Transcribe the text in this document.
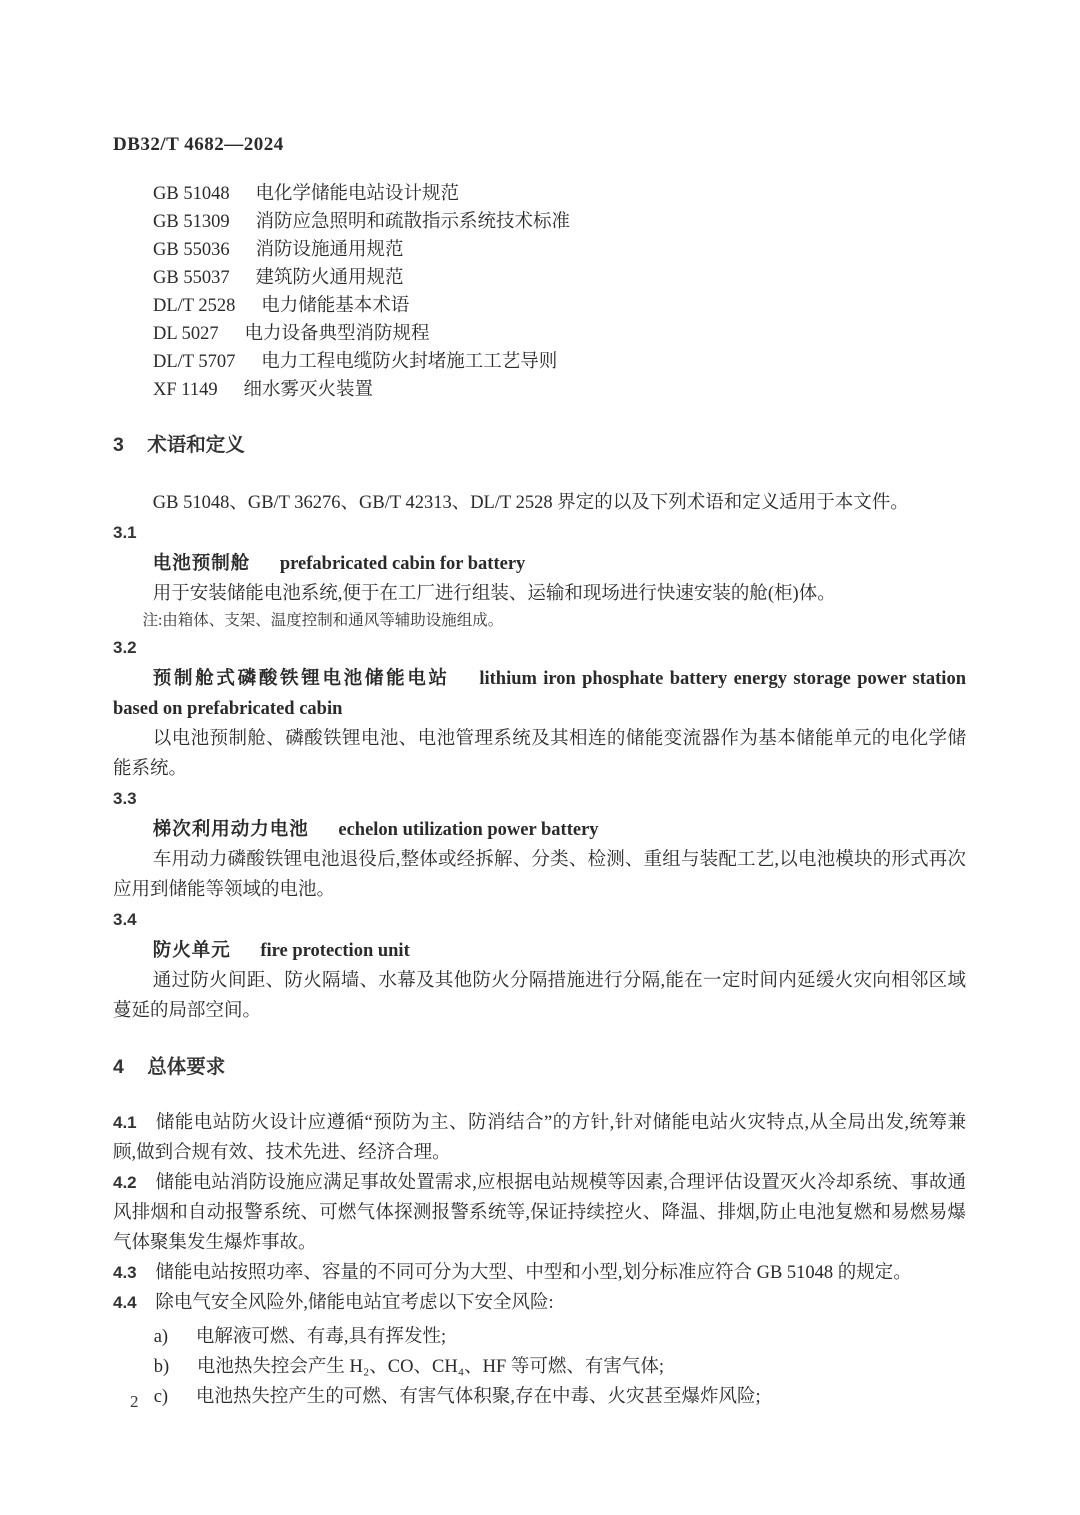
DB32/T 4682—2024
GB 51048 电化学储能电站设计规范
GB 51309 消防应急照明和疏散指示系统技术标准
GB 55036 消防设施通用规范
GB 55037 建筑防火通用规范
DL/T 2528 电力储能基本术语
DL 5027 电力设备典型消防规程
DL/T 5707 电力工程电缆防火封堵施工工艺导则
XF 1149 细水雾灭火装置
3 术语和定义

GB 51048、GB/T 36276、GB/T 42313、DL/T 2528 界定的以及下列术语和定义适用于本文件。

3.1

电池预制舱 prefabricated cabin for battery

用于安装储能电池系统,便于在工厂进行组装、运输和现场进行快速安装的舱(柜)体。

注:由箱体、支架、温度控制和通风等辅助设施组成。

3.2

预制舱式磷酸铁锂电池储能电站 lithium iron phosphate battery energy storage power station based on prefabricated cabin

以电池预制舱、磷酸铁锂电池、电池管理系统及其相连的储能变流器作为基本储能单元的电化学储能系统。

3.3

梯次利用动力电池 echelon utilization power battery

车用动力磷酸铁锂电池退役后,整体或经拆解、分类、检测、重组与装配工艺,以电池模块的形式再次应用到储能等领域的电池。

3.4

防火单元 fire protection unit

通过防火间距、防火隔墙、水幕及其他防火分隔措施进行分隔,能在一定时间内延缓火灾向相邻区域蔓延的局部空间。

4 总体要求

4.1 储能电站防火设计应遵循“预防为主、防消结合”的方针,针对储能电站火灾特点,从全局出发,统筹兼顾,做到合规有效、技术先进、经济合理。

4.2 储能电站消防设施应满足事故处置需求,应根据电站规模等因素,合理评估设置灭火冷却系统、事故通风排烟和自动报警系统、可燃气体探测报警系统等,保证持续控火、降温、排烟,防止电池复燃和易燃易爆气体聚集发生爆炸事故。

4.3 储能电站按照功率、容量的不同可分为大型、中型和小型,划分标准应符合 GB 51048 的规定。

4.4 除电气安全风险外,储能电站宜考虑以下安全风险:

a) 电解液可燃、有毒,具有挥发性;
b) 电池热失控会产生 H₂、CO、CH₄、HF 等可燃、有害气体;
c) 电池热失控产生的可燃、有害气体积聚,存在中毒、火灾甚至爆炸风险;
2
